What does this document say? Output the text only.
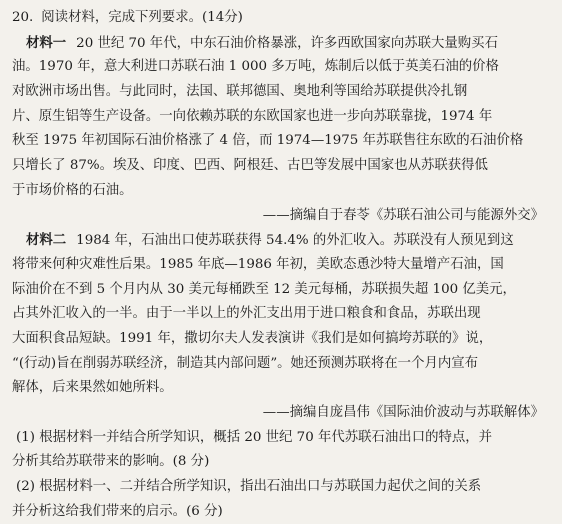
20. 阅读材料，完成下列要求。(14分)
材料一 20 世纪 70 年代，中东石油价格暴涨，许多西欧国家向苏联大量购买石
油。1970 年，意大利进口苏联石油 1 000 多万吨，炼制后以低于英美石油的价格
对欧洲市场出售。与此同时，法国、联邦德国、奥地利等国给苏联提供冷扎钢
片、原生铝等生产设备。一向依赖苏联的东欧国家也进一步向苏联靠拢，1974 年
秋至 1975 年初国际石油价格涨了 4 倍，而 1974—1975 年苏联售往东欧的石油价格
只增长了 87%。埃及、印度、巴西、阿根廷、古巴等发展中国家也从苏联获得低
于市场价格的石油。
——摘编自于春苓《苏联石油公司与能源外交》
材料二 1984 年，石油出口使苏联获得 54.4% 的外汇收入。苏联没有人预见到这
将带来何种灾难性后果。1985 年底—1986 年初，美欧态恿沙特大量增产石油，国
际油价在不到 5 个月内从 30 美元每桶跌至 12 美元每桶，苏联损失超 100 亿美元，
占其外汇收入的一半。由于一半以上的外汇支出用于进口粮食和食品，苏联出现
大面积食品短缺。1991 年，撒切尔夫人发表演讲《我们是如何搞垮苏联的》说，
“(行动)旨在削弱苏联经济，制造其内部问题”。她还预测苏联将在一个月内宣布
解体，后来果然如她所料。
——摘编自庞昌伟《国际油价波动与苏联解体》
(1) 根据材料一并结合所学知识，概括 20 世纪 70 年代苏联石油出口的特点，并
分析其给苏联带来的影响。(8 分)
(2) 根据材料一、二并结合所学知识，指出石油出口与苏联国力起伏之间的关系
并分析这给我们带来的启示。(6 分)
